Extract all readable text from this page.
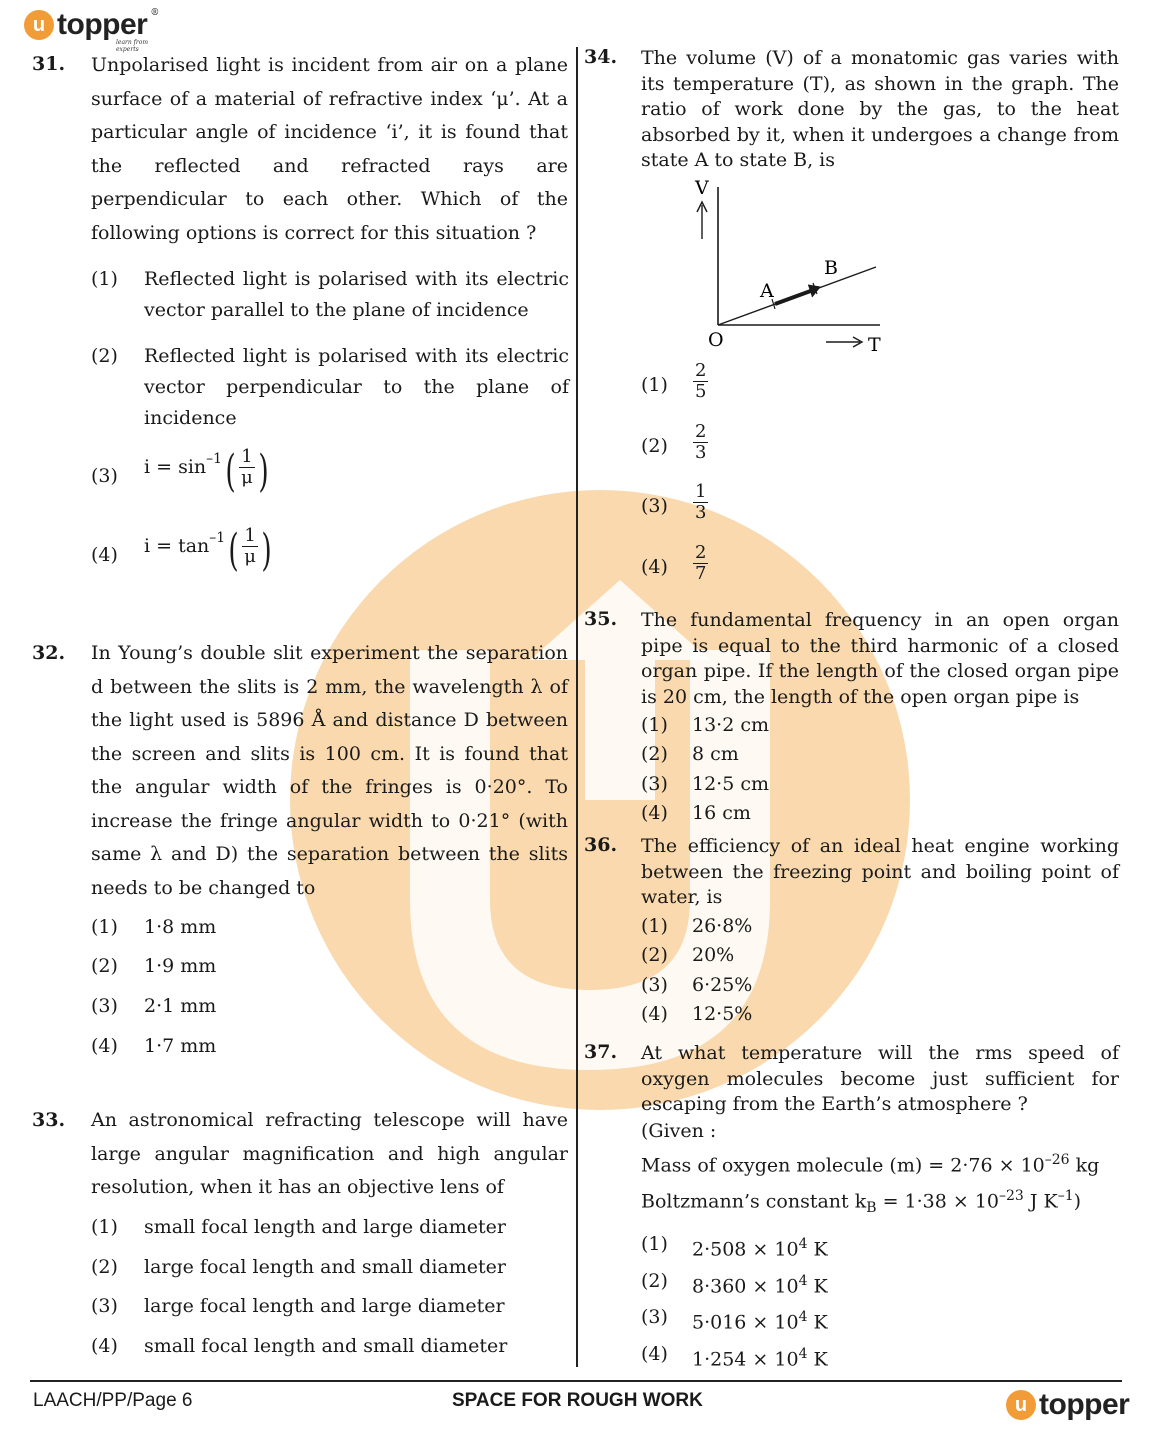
u topper ®
learn from experts
31. Unpolarised light is incident from air on a plane surface of a material of refractive index ‘μ’. At a particular angle of incidence ‘i’, it is found that the reflected and refracted rays are perpendicular to each other. Which of the following options is correct for this situation ?
(1) Reflected light is polarised with its electric vector parallel to the plane of incidence
(2) Reflected light is polarised with its electric vector perpendicular to the plane of incidence
(3) $i = \sin^{-1}$ ( $\frac{1}{\mu}$ )
(4) $i = \tan^{-1}$ ( $\frac{1}{\mu}$ )
32. In Young’s double slit experiment the separation d between the slits is 2 mm, the wavelength λ of the light used is 5896 Å and distance D between the screen and slits is 100 cm. It is found that the angular width of the fringes is 0·20°. To increase the fringe angular width to 0·21° (with same λ and D) the separation between the slits needs to be changed to
(1) 1·8 mm
(2) 1·9 mm
(3) 2·1 mm
(4) 1·7 mm
33. An astronomical refracting telescope will have large angular magnification and high angular resolution, when it has an objective lens of
(1) small focal length and large diameter
(2) large focal length and small diameter
(3) large focal length and large diameter
(4) small focal length and small diameter
34. The volume (V) of a monatomic gas varies with its temperature (T), as shown in the graph. The ratio of work done by the gas, to the heat absorbed by it, when it undergoes a change from state A to state B, is
V
O	T
A
B
$(1) \frac{2}{5}$
$(2) \frac{2}{3}$
$(3) \frac{1}{3}$
$(4) \frac{2}{7}$
35. The fundamental frequency in an open organ pipe is equal to the third harmonic of a closed organ pipe. If the length of the closed organ pipe is 20 cm, the length of the open organ pipe is
(1) 13·2 cm
(2) 8 cm
(3) 12·5 cm
(4) 16 cm
36. The efficiency of an ideal heat engine working between the freezing point and boiling point of water, is
(1) 26·8%
(2) 20%
(3) 6·25%
(4) 12·5%
37. At what temperature will the rms speed of oxygen molecules become just sufficient for escaping from the Earth’s atmosphere ?
(Given :
Mass of oxygen molecule $(m) = 2\cdot 76 \times 10^{-26}$ kg
Boltzmann’s constant $k_B = 1\cdot 38 \times 10^{-23}$ J $K^{-1}$)
(1) $2\cdot 508 \times 10^4$ K
(2) $8\cdot 360 \times 10^4$ K
(3) $5\cdot 016 \times 10^4$ K
(4) $1\cdot 254 \times 10^4$ K
LAACH/PP/Page 6	SPACE FOR ROUGH WORK	u topper
